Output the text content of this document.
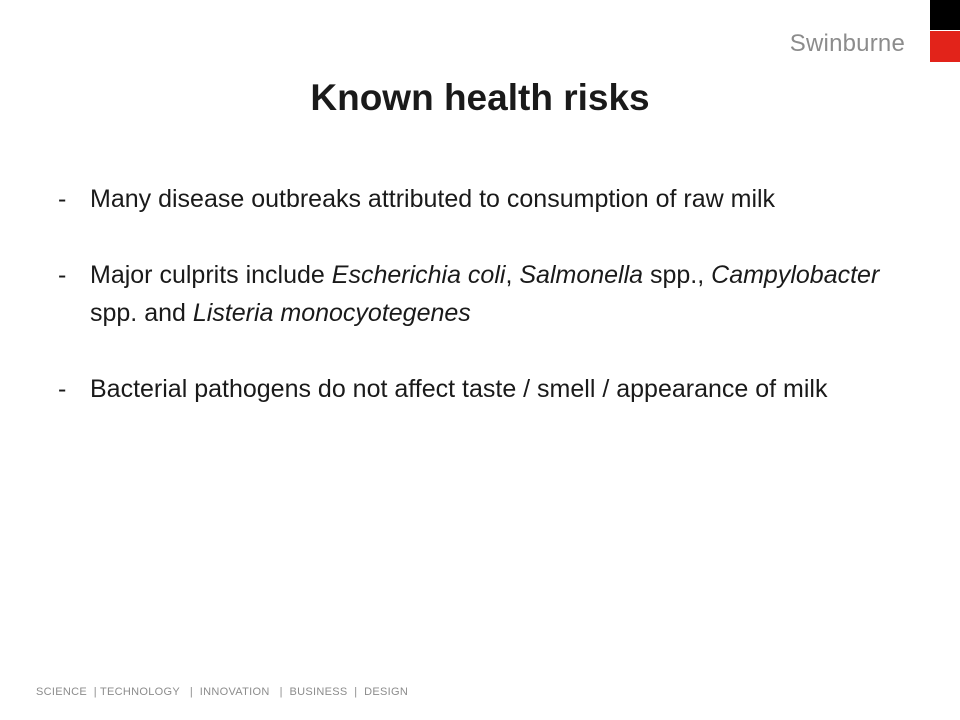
Swinburne
Known health risks
- Many disease outbreaks attributed to consumption of raw milk
- Major culprits include Escherichia coli, Salmonella spp., Campylobacter spp. and Listeria monocyotegenes
- Bacterial pathogens do not affect taste / smell / appearance of milk
SCIENCE  | TECHNOLOGY   |  INNOVATION   |  BUSINESS  |  DESIGN
